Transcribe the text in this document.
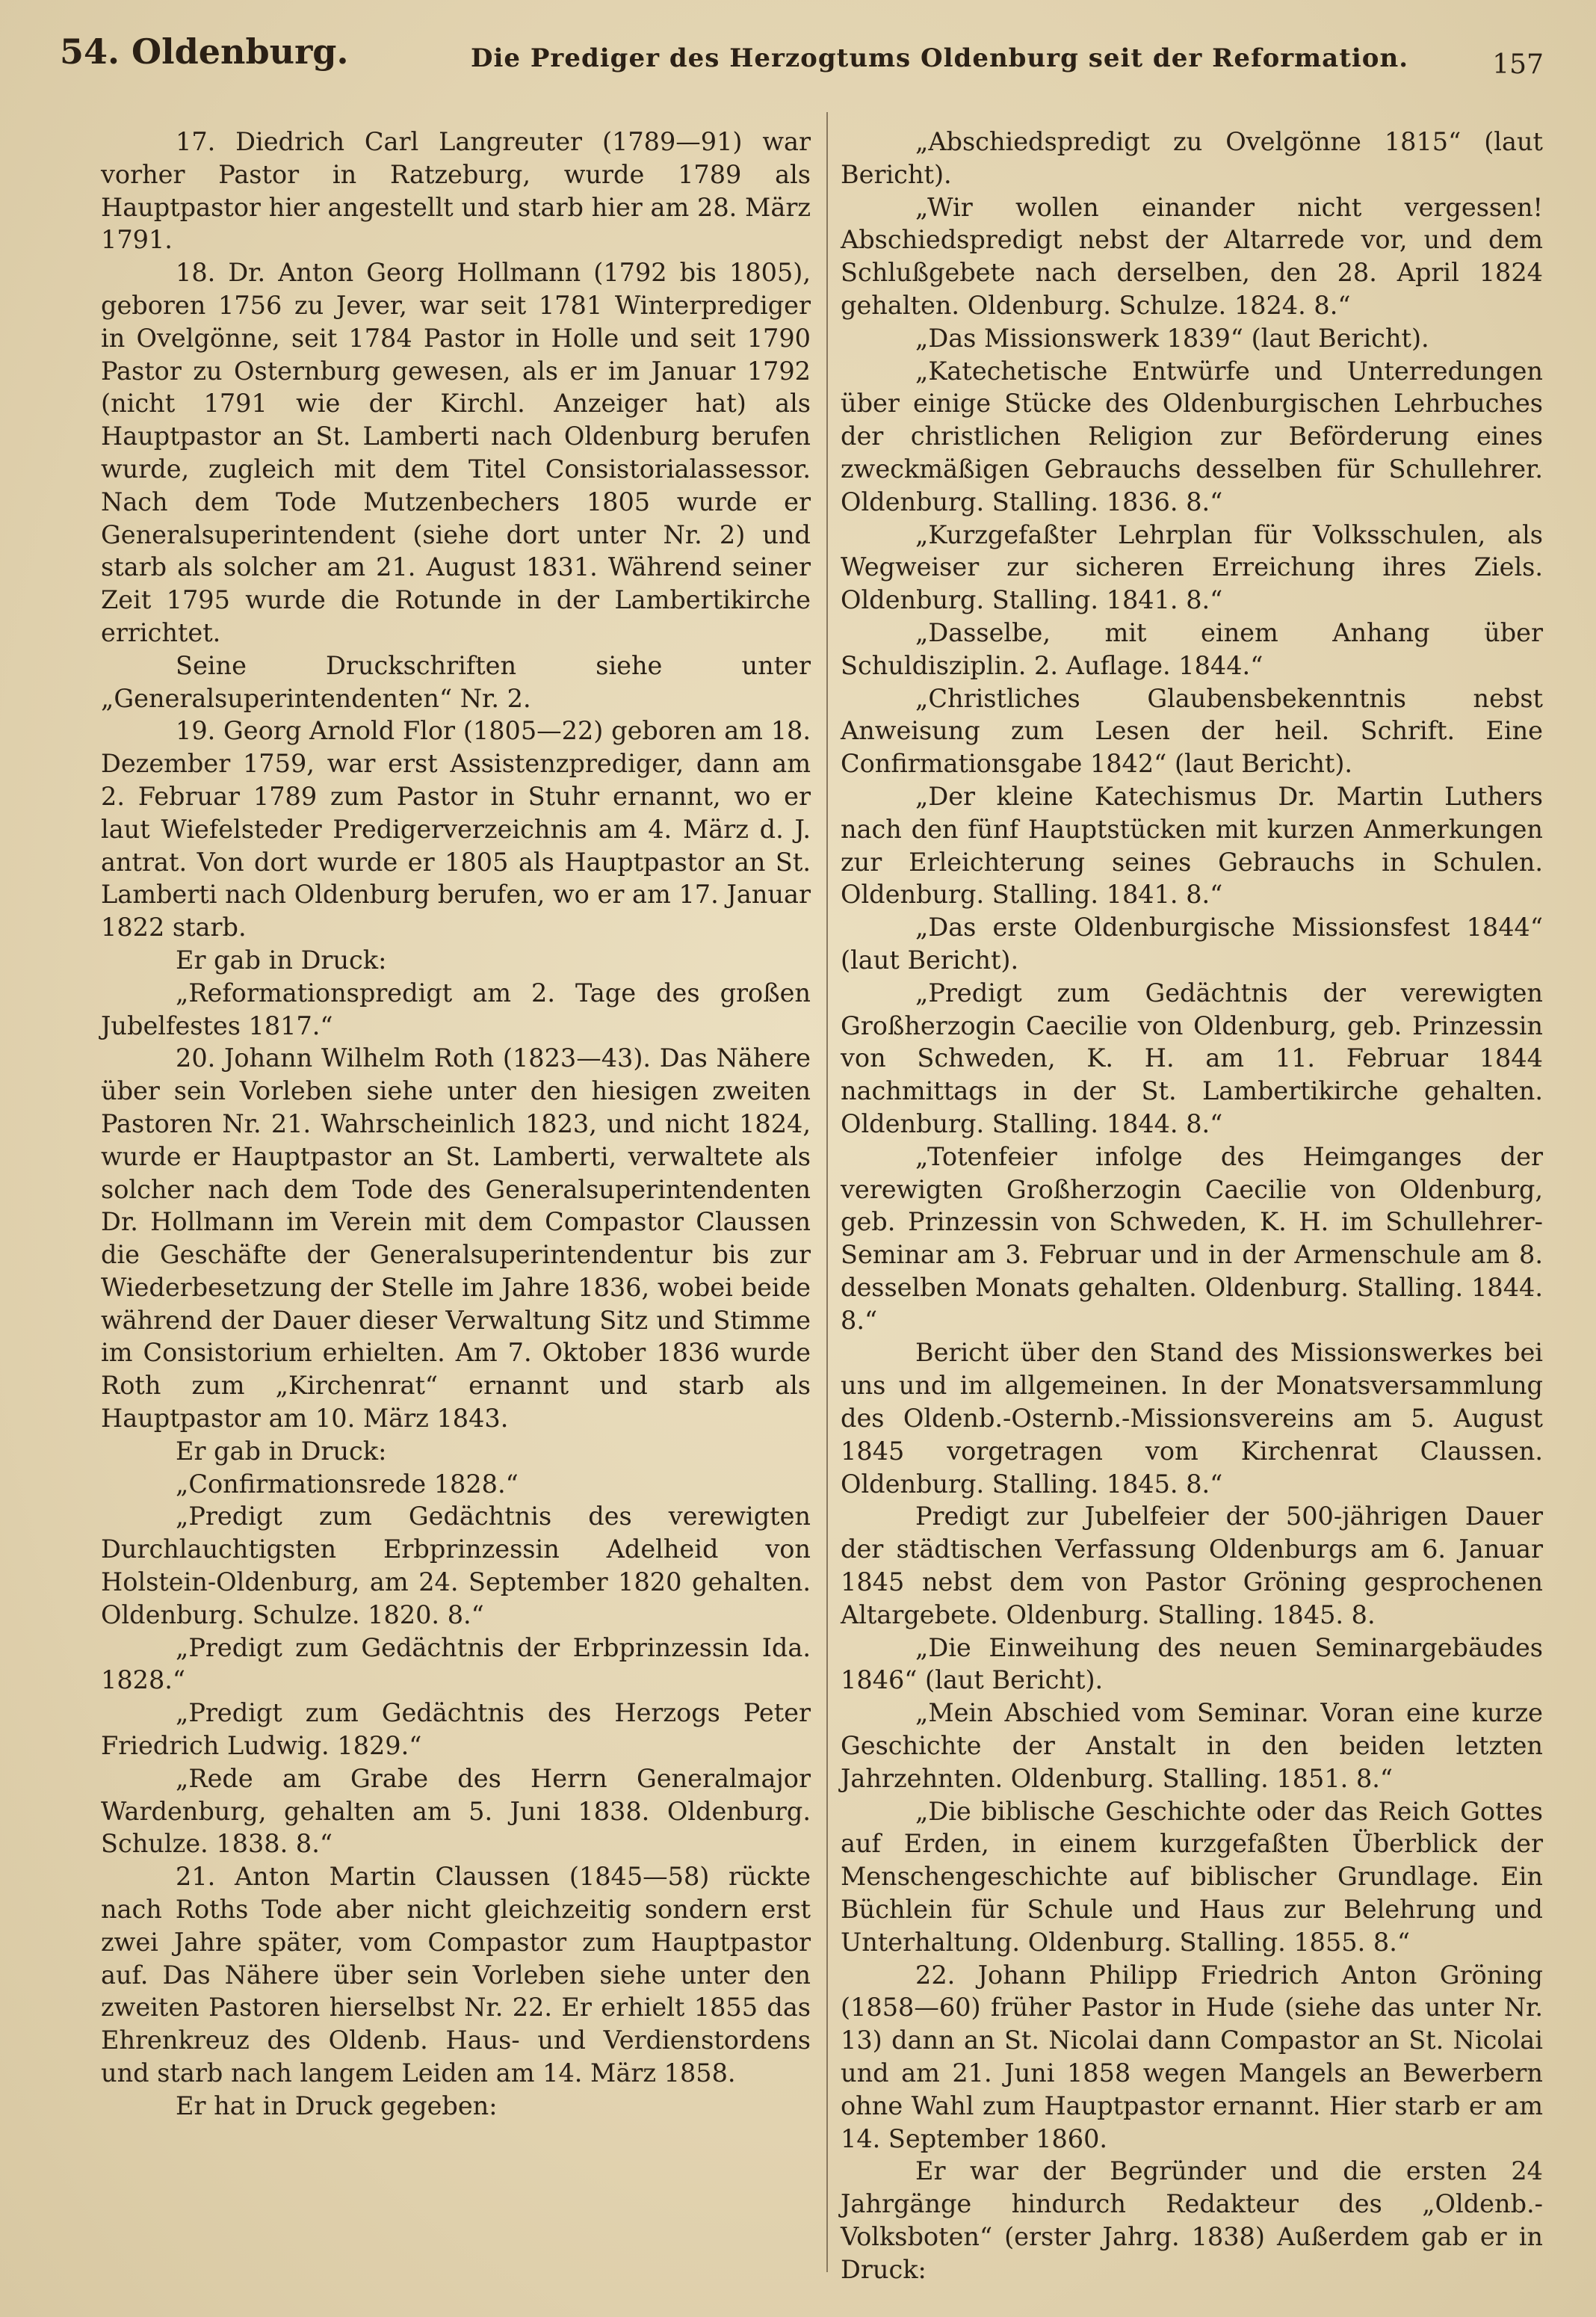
54. Oldenburg.	Die Prediger des Herzogtums Oldenburg seit der Reformation.	157

17. Diedrich Carl Langreuter (1789—91) war vorher Pastor in Ratzeburg, wurde 1789 als Hauptpastor hier angestellt und starb hier am 28. März 1791.

18. Dr. Anton Georg Hollmann (1792 bis 1805), geboren 1756 zu Jever, war seit 1781 Winterprediger in Ovelgönne, seit 1784 Pastor in Holle und seit 1790 Pastor zu Osternburg gewesen, als er im Januar 1792 (nicht 1791 wie der Kirchl. Anzeiger hat) als Hauptpastor an St. Lamberti nach Oldenburg berufen wurde, zugleich mit dem Titel Consistorialassessor. Nach dem Tode Mutzenbechers 1805 wurde er Generalsuperintendent (siehe dort unter Nr. 2) und starb als solcher am 21. August 1831. Während seiner Zeit 1795 wurde die Rotunde in der Lambertikirche errichtet.

Seine Druckschriften siehe unter „Generalsuperintendenten“ Nr. 2.

19. Georg Arnold Flor (1805—22) geboren am 18. Dezember 1759, war erst Assistenzprediger, dann am 2. Februar 1789 zum Pastor in Stuhr ernannt, wo er laut Wiefelsteder Predigerverzeichnis am 4. März d. J. antrat. Von dort wurde er 1805 als Hauptpastor an St. Lamberti nach Oldenburg berufen, wo er am 17. Januar 1822 starb.

Er gab in Druck:

„Reformationspredigt am 2. Tage des großen Jubelfestes 1817.“

20. Johann Wilhelm Roth (1823—43). Das Nähere über sein Vorleben siehe unter den hiesigen zweiten Pastoren Nr. 21. Wahrscheinlich 1823, und nicht 1824, wurde er Hauptpastor an St. Lamberti, verwaltete als solcher nach dem Tode des Generalsuperintendenten Dr. Hollmann im Verein mit dem Compastor Claussen die Geschäfte der Generalsuperintendentur bis zur Wiederbesetzung der Stelle im Jahre 1836, wobei beide während der Dauer dieser Verwaltung Sitz und Stimme im Consistorium erhielten. Am 7. Oktober 1836 wurde Roth zum „Kirchenrat“ ernannt und starb als Hauptpastor am 10. März 1843.

Er gab in Druck:

„Confirmationsrede 1828.“

„Predigt zum Gedächtnis des verewigten Durchlauchtigsten Erbprinzessin Adelheid von Holstein-Oldenburg, am 24. September 1820 gehalten. Oldenburg. Schulze. 1820. 8.“

„Predigt zum Gedächtnis der Erbprinzessin Ida. 1828.“

„Predigt zum Gedächtnis des Herzogs Peter Friedrich Ludwig. 1829.“

„Rede am Grabe des Herrn Generalmajor Wardenburg, gehalten am 5. Juni 1838. Oldenburg. Schulze. 1838. 8.“

21. Anton Martin Claussen (1845—58) rückte nach Roths Tode aber nicht gleichzeitig sondern erst zwei Jahre später, vom Compastor zum Hauptpastor auf. Das Nähere über sein Vorleben siehe unter den zweiten Pastoren hierselbst Nr. 22. Er erhielt 1855 das Ehrenkreuz des Oldenb. Haus- und Verdienstordens und starb nach langem Leiden am 14. März 1858.

Er hat in Druck gegeben:

„Abschiedspredigt zu Ovelgönne 1815“ (laut Bericht).

„Wir wollen einander nicht vergessen! Abschiedspredigt nebst der Altarrede vor, und dem Schlußgebete nach derselben, den 28. April 1824 gehalten. Oldenburg. Schulze. 1824. 8.“

„Das Missionswerk 1839“ (laut Bericht).

„Katechetische Entwürfe und Unterredungen über einige Stücke des Oldenburgischen Lehrbuches der christlichen Religion zur Beförderung eines zweckmäßigen Gebrauchs desselben für Schullehrer. Oldenburg. Stalling. 1836. 8.“

„Kurzgefaßter Lehrplan für Volksschulen, als Wegweiser zur sicheren Erreichung ihres Ziels. Oldenburg. Stalling. 1841. 8.“

„Dasselbe, mit einem Anhang über Schuldisziplin. 2. Auflage. 1844.“

„Christliches Glaubensbekenntnis nebst Anweisung zum Lesen der heil. Schrift. Eine Confirmationsgabe 1842“ (laut Bericht).

„Der kleine Katechismus Dr. Martin Luthers nach den fünf Hauptstücken mit kurzen Anmerkungen zur Erleichterung seines Gebrauchs in Schulen. Oldenburg. Stalling. 1841. 8.“

„Das erste Oldenburgische Missionsfest 1844“ (laut Bericht).

„Predigt zum Gedächtnis der verewigten Großherzogin Caecilie von Oldenburg, geb. Prinzessin von Schweden, K. H. am 11. Februar 1844 nachmittags in der St. Lambertikirche gehalten. Oldenburg. Stalling. 1844. 8.“

„Totenfeier infolge des Heimganges der verewigten Großherzogin Caecilie von Oldenburg, geb. Prinzessin von Schweden, K. H. im Schullehrer-Seminar am 3. Februar und in der Armenschule am 8. desselben Monats gehalten. Oldenburg. Stalling. 1844. 8.“

Bericht über den Stand des Missionswerkes bei uns und im allgemeinen. In der Monatsversammlung des Oldenb.-Osternb.-Missionsvereins am 5. August 1845 vorgetragen vom Kirchenrat Claussen. Oldenburg. Stalling. 1845. 8.“

Predigt zur Jubelfeier der 500-jährigen Dauer der städtischen Verfassung Oldenburgs am 6. Januar 1845 nebst dem von Pastor Gröning gesprochenen Altargebete. Oldenburg. Stalling. 1845. 8.

„Die Einweihung des neuen Seminargebäudes 1846“ (laut Bericht).

„Mein Abschied vom Seminar. Voran eine kurze Geschichte der Anstalt in den beiden letzten Jahrzehnten. Oldenburg. Stalling. 1851. 8.“

„Die biblische Geschichte oder das Reich Gottes auf Erden, in einem kurzgefaßten Überblick der Menschengeschichte auf biblischer Grundlage. Ein Büchlein für Schule und Haus zur Belehrung und Unterhaltung. Oldenburg. Stalling. 1855. 8.“

22. Johann Philipp Friedrich Anton Gröning (1858—60) früher Pastor in Hude (siehe das unter Nr. 13) dann an St. Nicolai dann Compastor an St. Nicolai und am 21. Juni 1858 wegen Mangels an Bewerbern ohne Wahl zum Hauptpastor ernannt. Hier starb er am 14. September 1860.

Er war der Begründer und die ersten 24 Jahrgänge hindurch Redakteur des „Oldenb.-Volksboten“ (erster Jahrg. 1838) Außerdem gab er in Druck:
